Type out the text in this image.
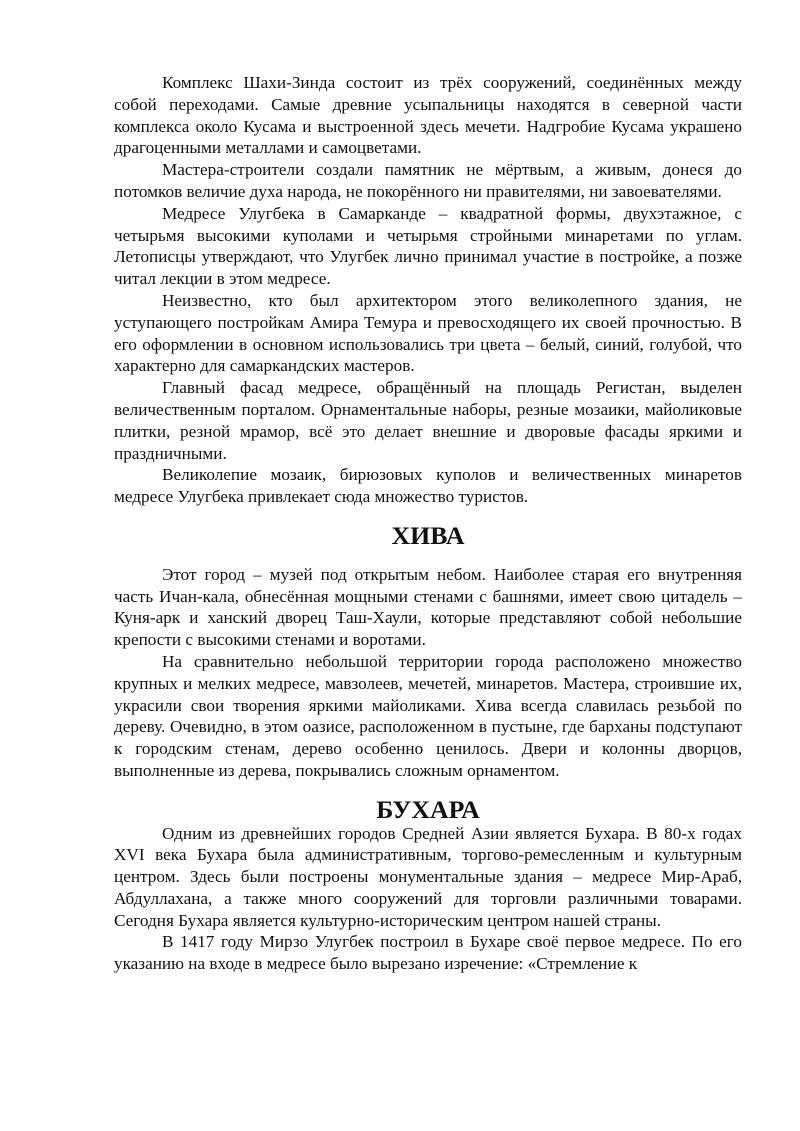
Комплекс Шахи-Зинда состоит из трёх сооружений, соединённых между собой переходами. Самые древние усыпальницы находятся в северной части комплекса около Кусама и выстроенной здесь мечети. Надгробие Кусама украшено драгоценными металлами и самоцветами.

Мастера-строители создали памятник не мёртвым, а живым, донеся до потомков величие духа народа, не покорённого ни правителями, ни завоевателями.

Медресе Улугбека в Самарканде – квадратной формы, двухэтажное, с четырьмя высокими куполами и четырьмя стройными минаретами по углам. Летописцы утверждают, что Улугбек лично принимал участие в постройке, а позже читал лекции в этом медресе.

Неизвестно, кто был архитектором этого великолепного здания, не уступающего постройкам Амира Темура и превосходящего их своей прочностью. В его оформлении в основном использовались три цвета – белый, синий, голубой, что характерно для самаркандских мастеров.

Главный фасад медресе, обращённый на площадь Регистан, выделен величественным порталом. Орнаментальные наборы, резные мозаики, майоликовые плитки, резной мрамор, всё это делает внешние и дворовые фасады яркими и праздничными.

Великолепие мозаик, бирюзовых куполов и величественных минаретов медресе Улугбека привлекает сюда множество туристов.

ХИВА

Этот город – музей под открытым небом. Наиболее старая его внутренняя часть Ичан-кала, обнесённая мощными стенами с башнями, имеет свою цитадель – Куня-арк и ханский дворец Таш-Хаули, которые представляют собой небольшие крепости с высокими стенами и воротами.

На сравнительно небольшой территории города расположено множество крупных и мелких медресе, мавзолеев, мечетей, минаретов. Мастера, строившие их, украсили свои творения яркими майоликами. Хива всегда славилась резьбой по дереву. Очевидно, в этом оазисе, расположенном в пустыне, где барханы подступают к городским стенам, дерево особенно ценилось. Двери и колонны дворцов, выполненные из дерева, покрывались сложным орнаментом.

БУХАРА

Одним из древнейших городов Средней Азии является Бухара. В 80-х годах XVI века Бухара была административным, торгово-ремесленным и культурным центром. Здесь были построены монументальные здания – медресе Мир-Араб, Абдуллахана, а также много сооружений для торговли различными товарами. Сегодня Бухара является культурно-историческим центром нашей страны.

В 1417 году Мирзо Улугбек построил в Бухаре своё первое медресе. По его указанию на входе в медресе было вырезано изречение: «Стремление к
